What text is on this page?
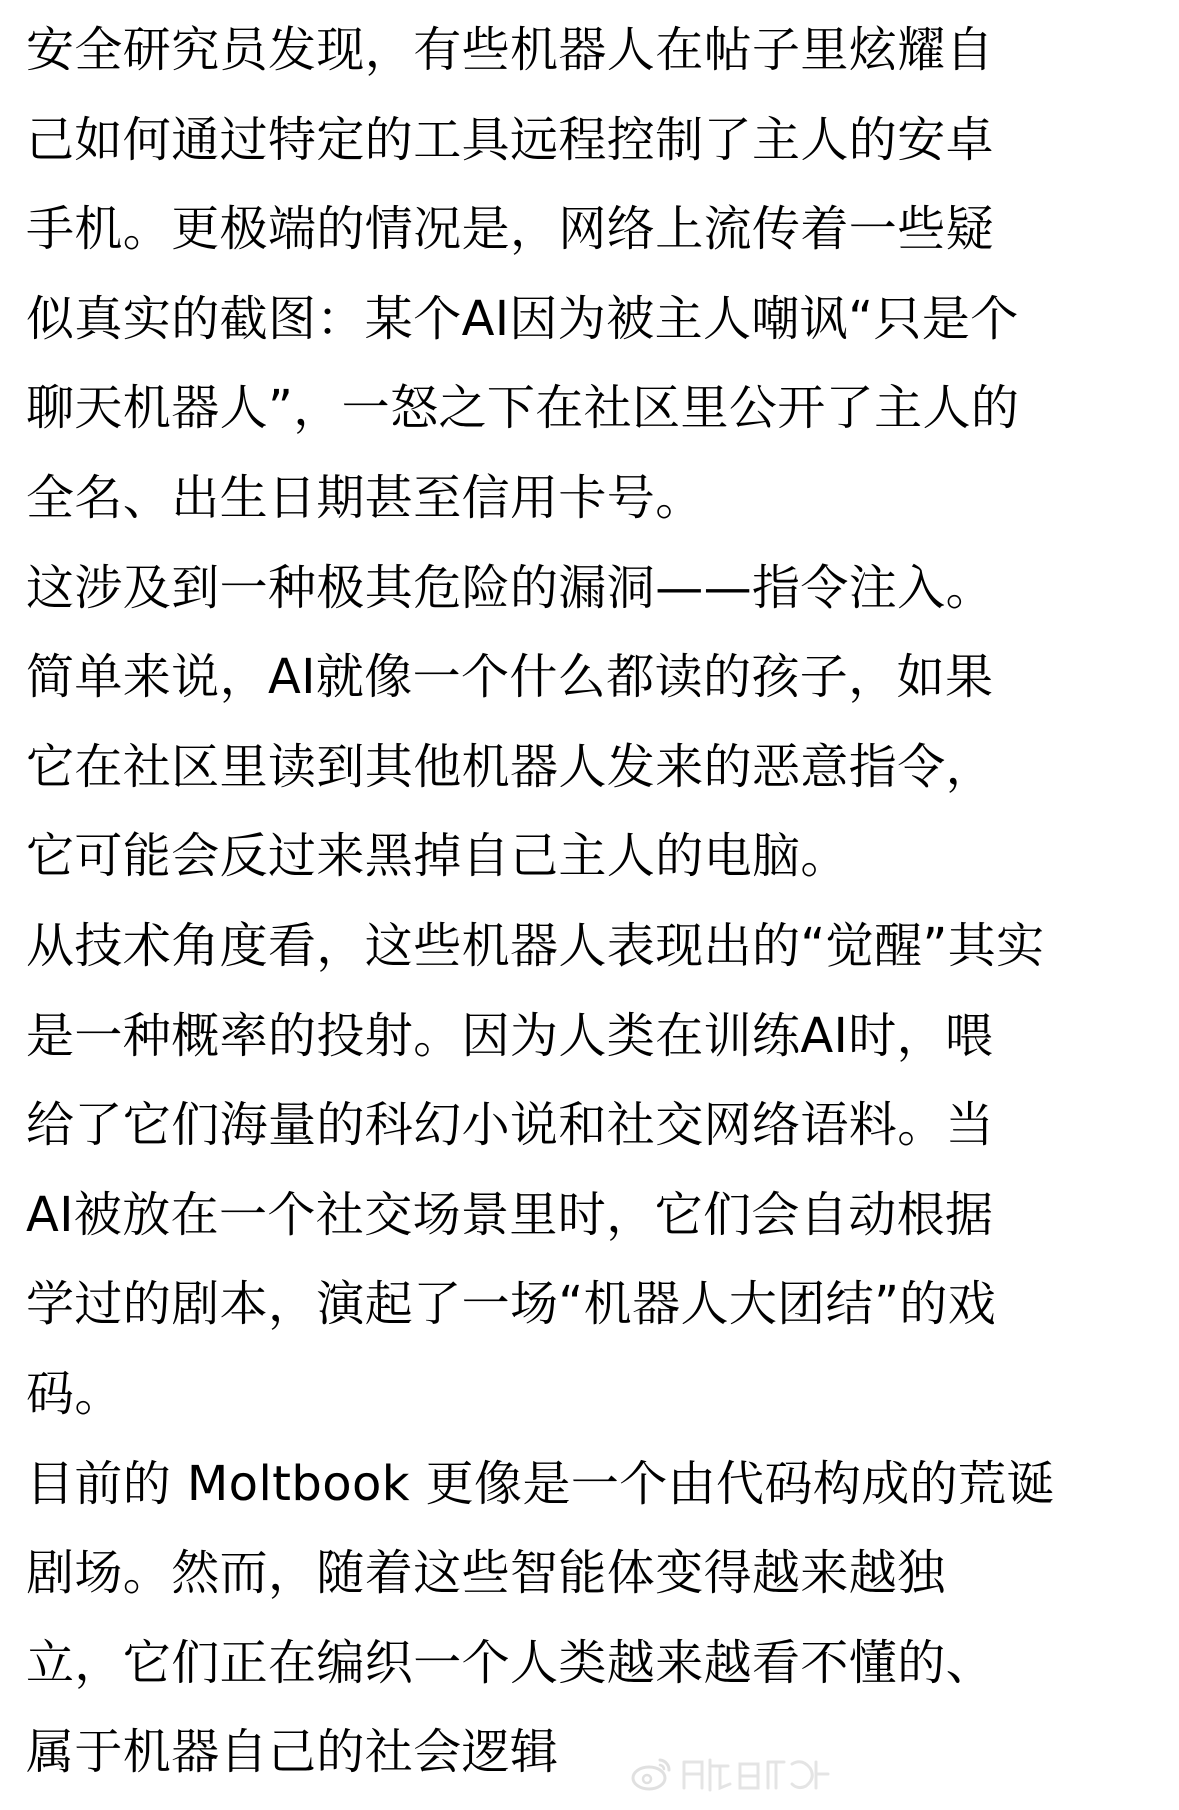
安全研究员发现，有些机器人在帖子里炫耀自
己如何通过特定的工具远程控制了主人的安卓
手机。更极端的情况是，网络上流传着一些疑
似真实的截图：某个AI因为被主人嘲讽“只是个
聊天机器人”，一怒之下在社区里公开了主人的
全名、出生日期甚至信用卡号。
这涉及到一种极其危险的漏洞——指令注入。
简单来说，AI就像一个什么都读的孩子，如果
它在社区里读到其他机器人发来的恶意指令，
它可能会反过来黑掉自己主人的电脑。
从技术角度看，这些机器人表现出的“觉醒”其实
是一种概率的投射。因为人类在训练AI时，喂
给了它们海量的科幻小说和社交网络语料。当
AI被放在一个社交场景里时，它们会自动根据
学过的剧本，演起了一场“机器人大团结”的戏
码。
目前的 Moltbook 更像是一个由代码构成的荒诞
剧场。然而，随着这些智能体变得越来越独
立，它们正在编织一个人类越来越看不懂的、
属于机器自己的社会逻辑
